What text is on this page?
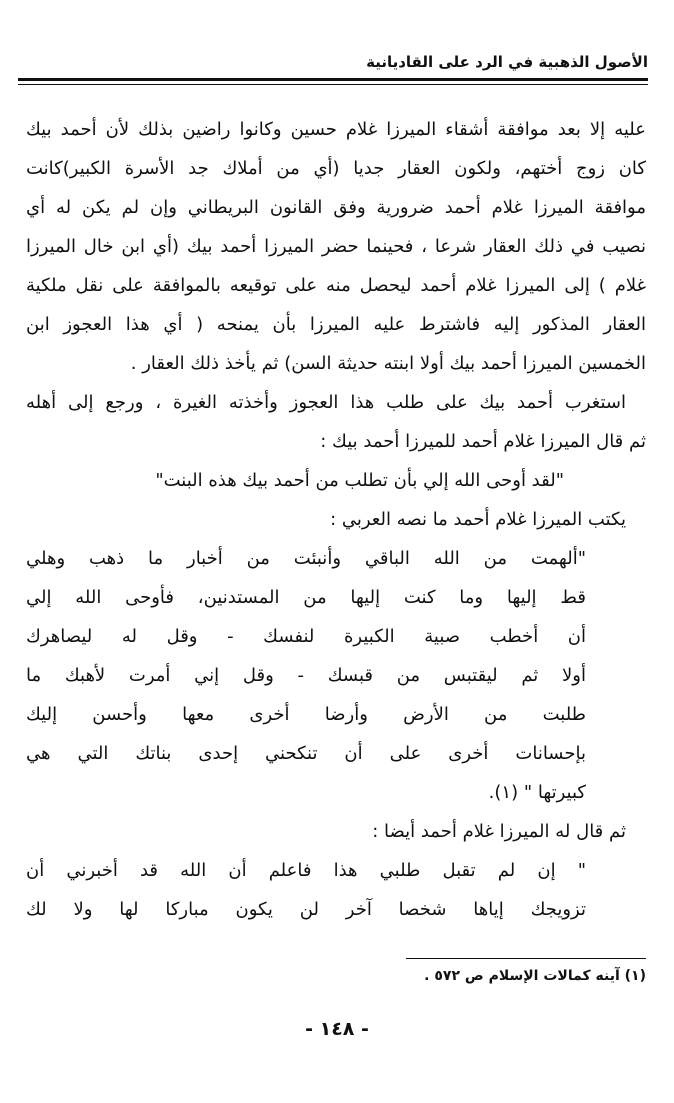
الأصول الذهبية في الرد على القاديانية
عليه إلا بعد موافقة أشقاء الميرزا غلام حسين وكانوا راضين بذلك لأن أحمد بيك
كان زوج أختهم، ولكون العقار جديا (أي من أملاك جد الأسرة الكبير)كانت
موافقة الميرزا غلام أحمد ضرورية وفق القانون البريطاني وإن لم يكن له أي
نصيب في ذلك العقار شرعا ، فحينما حضر الميرزا أحمد بيك (أي ابن خال الميرزا
غلام ) إلى الميرزا غلام أحمد ليحصل منه على توقيعه بالموافقة على نقل ملكية
العقار المذكور إليه فاشترط عليه الميرزا بأن يمنحه ( أي هذا العجوز ابن
الخمسين الميرزا أحمد بيك أولا ابنته حديثة السن) ثم يأخذ ذلك العقار .
استغرب أحمد بيك على طلب هذا العجوز وأخذته الغيرة ، ورجع إلى أهله
ثم قال الميرزا غلام أحمد للميرزا أحمد بيك :
"لقد أوحى الله إلي بأن تطلب من أحمد بيك هذه البنت"
يكتب الميرزا غلام أحمد ما نصه العربي :
"ألهمت من الله الباقي وأنبئت من أخبار ما ذهب وهلي
قط إليها وما كنت إليها من المستدنين، فأوحى الله إلي
أن أخطب صبية الكبيرة لنفسك - وقل له ليصاهرك
أولا ثم ليقتبس من قبسك - وقل إني أمرت لأهبك ما
طلبت من الأرض وأرضا أخرى معها وأحسن إليك
بإحسانات أخرى على أن تنكحني إحدى بناتك التي هي
كبيرتها " (١).
ثم قال له الميرزا غلام أحمد أيضا :
" إن لم تقبل طلبي هذا فاعلم أن الله قد أخبرني أن
تزويجك إياها شخصا آخر لن يكون مباركا لها ولا لك
(١) آينه كمالات الإسلام ص ٥٧٢ .
- ١٤٨ -
